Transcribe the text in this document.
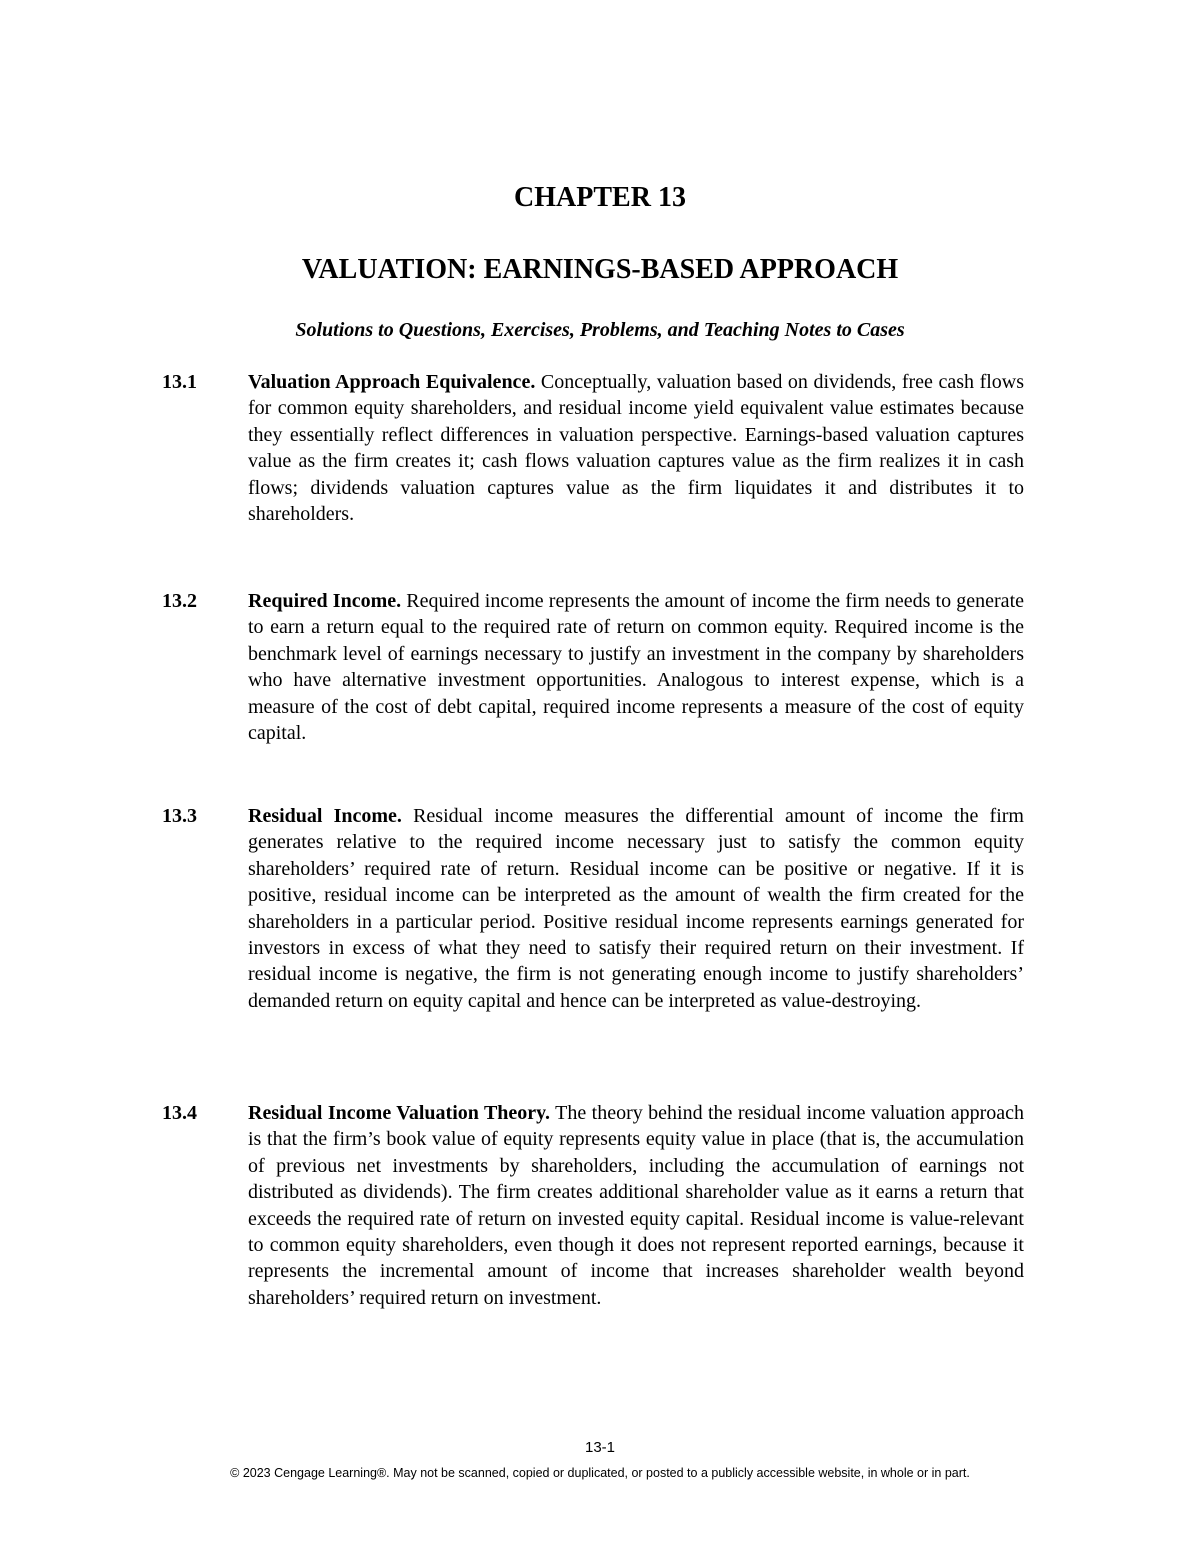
CHAPTER 13
VALUATION: EARNINGS-BASED APPROACH
Solutions to Questions, Exercises, Problems, and Teaching Notes to Cases
13.1	Valuation Approach Equivalence. Conceptually, valuation based on dividends, free cash flows for common equity shareholders, and residual income yield equivalent value estimates because they essentially reflect differences in valuation perspective. Earnings-based valuation captures value as the firm creates it; cash flows valuation captures value as the firm realizes it in cash flows; dividends valuation captures value as the firm liquidates it and distributes it to shareholders.
13.2	Required Income. Required income represents the amount of income the firm needs to generate to earn a return equal to the required rate of return on common equity. Required income is the benchmark level of earnings necessary to justify an investment in the company by shareholders who have alternative investment opportunities. Analogous to interest expense, which is a measure of the cost of debt capital, required income represents a measure of the cost of equity capital.
13.3	Residual Income. Residual income measures the differential amount of income the firm generates relative to the required income necessary just to satisfy the common equity shareholders’ required rate of return. Residual income can be positive or negative. If it is positive, residual income can be interpreted as the amount of wealth the firm created for the shareholders in a particular period. Positive residual income represents earnings generated for investors in excess of what they need to satisfy their required return on their investment. If residual income is negative, the firm is not generating enough income to justify shareholders’ demanded return on equity capital and hence can be interpreted as value-destroying.
13.4	Residual Income Valuation Theory. The theory behind the residual income valuation approach is that the firm’s book value of equity represents equity value in place (that is, the accumulation of previous net investments by shareholders, including the accumulation of earnings not distributed as dividends). The firm creates additional shareholder value as it earns a return that exceeds the required rate of return on invested equity capital. Residual income is value-relevant to common equity shareholders, even though it does not represent reported earnings, because it represents the incremental amount of income that increases shareholder wealth beyond shareholders’ required return on investment.
13-1
© 2023 Cengage Learning®. May not be scanned, copied or duplicated, or posted to a publicly accessible website, in whole or in part.
